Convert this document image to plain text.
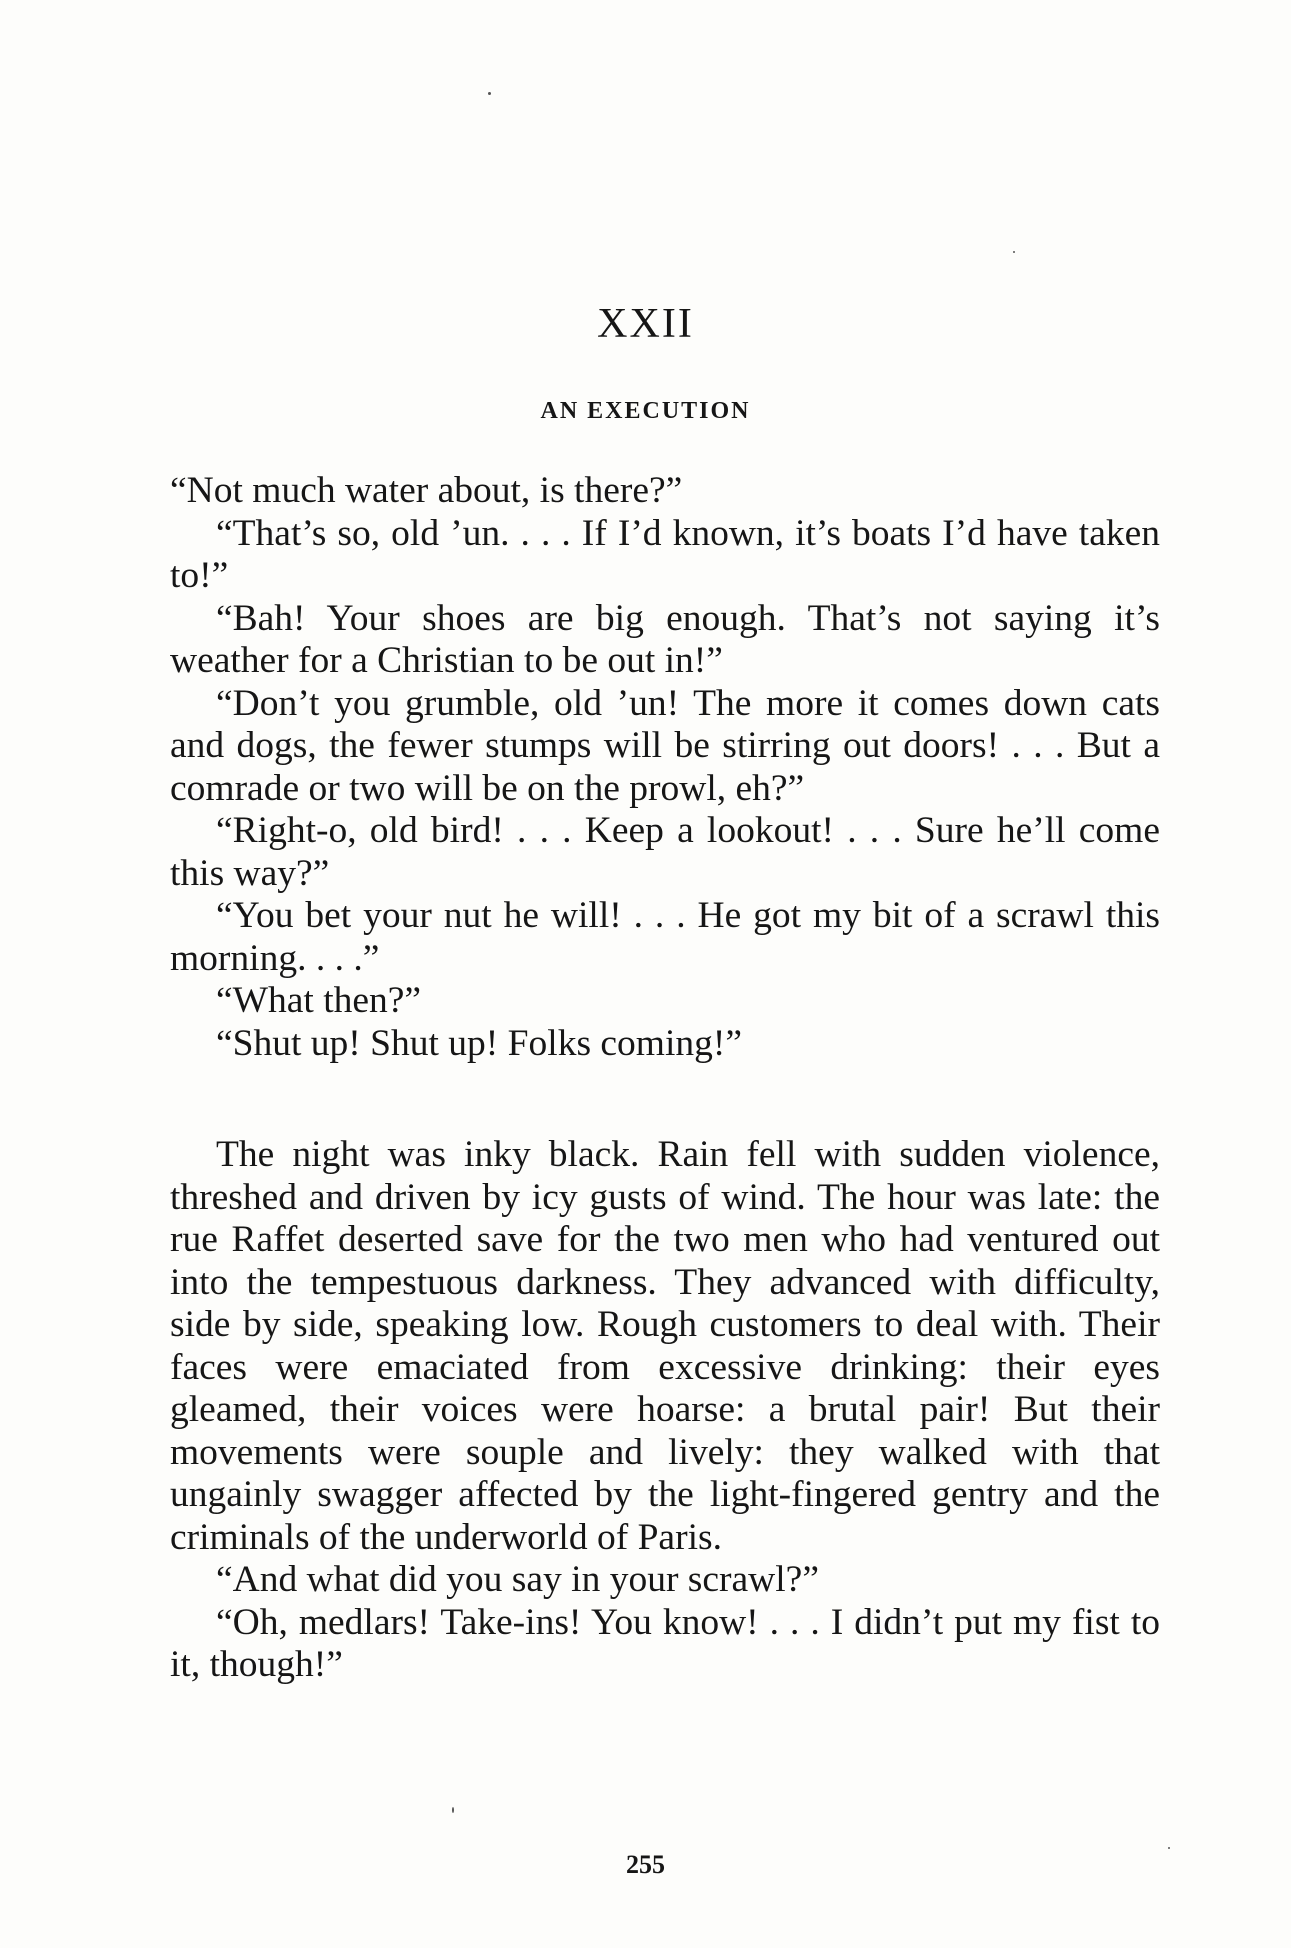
XXII
AN EXECUTION

“Not much water about, is there?”

“That’s so, old ’un. . . . If I’d known, it’s boats I’d have taken to!”

“Bah! Your shoes are big enough. That’s not saying it’s weather for a Christian to be out in!”

“Don’t you grumble, old ’un! The more it comes down cats and dogs, the fewer stumps will be stirring out doors! . . . But a comrade or two will be on the prowl, eh?”

“Right-o, old bird! . . . Keep a lookout! . . . Sure he’ll come this way?”

“You bet your nut he will! . . . He got my bit of a scrawl this morning. . . .”

“What then?”

“Shut up! Shut up! Folks coming!”

The night was inky black. Rain fell with sudden violence, threshed and driven by icy gusts of wind. The hour was late: the rue Raffet deserted save for the two men who had ventured out into the tempestuous darkness. They advanced with difficulty, side by side, speaking low. Rough customers to deal with. Their faces were emaciated from excessive drinking: their eyes gleamed, their voices were hoarse: a brutal pair! But their movements were souple and lively: they walked with that ungainly swagger affected by the light-fingered gentry and the criminals of the underworld of Paris.

“And what did you say in your scrawl?”

“Oh, medlars! Take-ins! You know! . . . I didn’t put my fist to it, though!”

255
